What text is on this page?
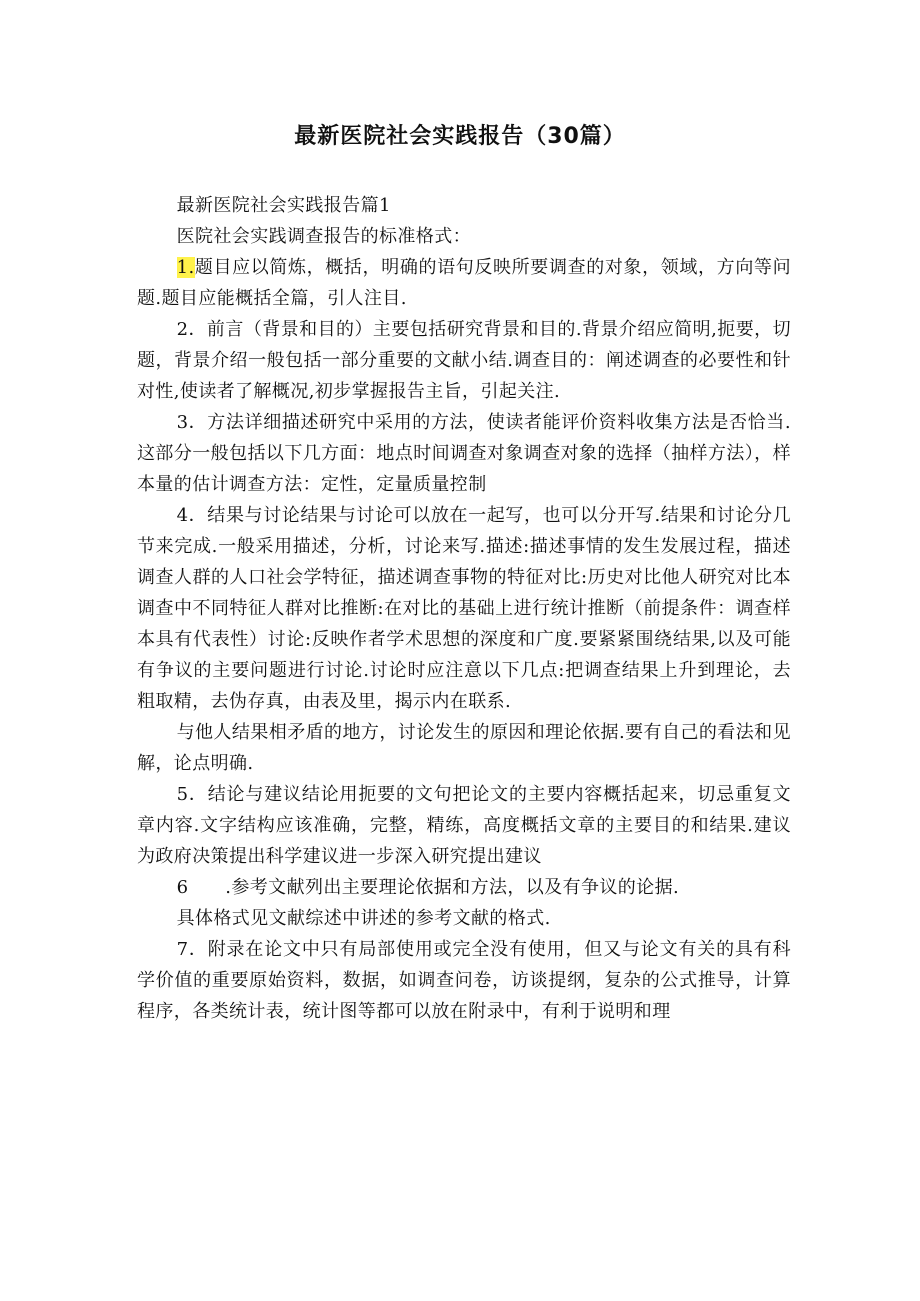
最新医院社会实践报告（30篇）

最新医院社会实践报告篇1

医院社会实践调查报告的标准格式：

1.题目应以简炼，概括，明确的语句反映所要调查的对象，领域，方向等问题.题目应能概括全篇，引人注目.

2．前言（背景和目的）主要包括研究背景和目的.背景介绍应简明,扼要，切题，背景介绍一般包括一部分重要的文献小结.调查目的：阐述调查的必要性和针对性,使读者了解概况,初步掌握报告主旨，引起关注.

3．方法详细描述研究中采用的方法，使读者能评价资料收集方法是否恰当.这部分一般包括以下几方面：地点时间调查对象调查对象的选择（抽样方法），样本量的估计调查方法：定性，定量质量控制

4．结果与讨论结果与讨论可以放在一起写，也可以分开写.结果和讨论分几节来完成.一般采用描述，分析，讨论来写.描述:描述事情的发生发展过程，描述调查人群的人口社会学特征，描述调查事物的特征对比:历史对比他人研究对比本调查中不同特征人群对比推断:在对比的基础上进行统计推断（前提条件：调查样本具有代表性）讨论:反映作者学术思想的深度和广度.要紧紧围绕结果,以及可能有争议的主要问题进行讨论.讨论时应注意以下几点:把调查结果上升到理论，去粗取精，去伪存真，由表及里，揭示内在联系.

与他人结果相矛盾的地方，讨论发生的原因和理论依据.要有自己的看法和见解，论点明确.

5．结论与建议结论用扼要的文句把论文的主要内容概括起来，切忌重复文章内容.文字结构应该准确，完整，精练，高度概括文章的主要目的和结果.建议为政府决策提出科学建议进一步深入研究提出建议

6　　.参考文献列出主要理论依据和方法，以及有争议的论据.

具体格式见文献综述中讲述的参考文献的格式.

7．附录在论文中只有局部使用或完全没有使用，但又与论文有关的具有科学价值的重要原始资料，数据，如调查问卷，访谈提纲，复杂的公式推导，计算程序，各类统计表，统计图等都可以放在附录中，有利于说明和理
